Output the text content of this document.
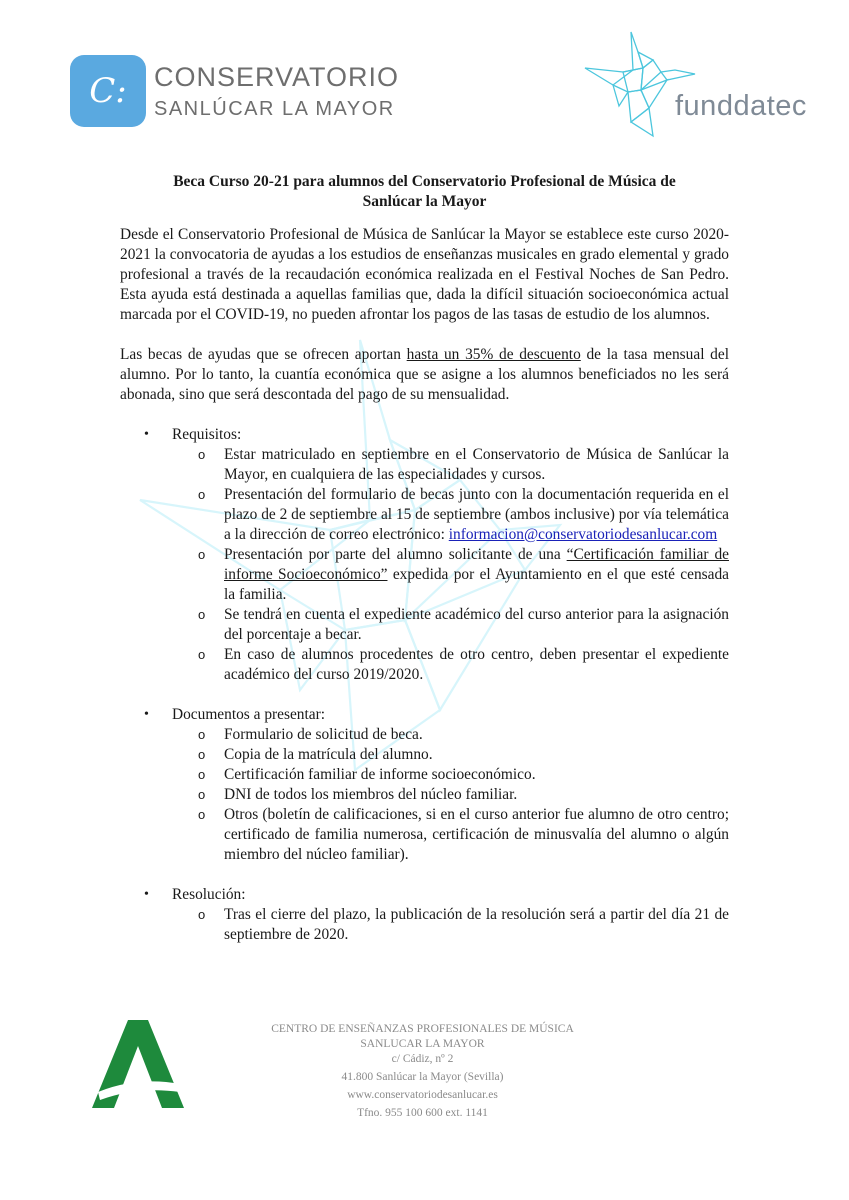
C: CONSERVATORIO
SANLÚCAR LA MAYOR	funddatec
Beca Curso 20-21 para alumnos del Conservatorio Profesional de Música de
Sanlúcar la Mayor

Desde el Conservatorio Profesional de Música de Sanlúcar la Mayor se establece este curso 2020-2021 la convocatoria de ayudas a los estudios de enseñanzas musicales en grado elemental y grado profesional a través de la recaudación económica realizada en el Festival Noches de San Pedro. Esta ayuda está destinada a aquellas familias que, dada la difícil situación socioeconómica actual marcada por el COVID-19, no pueden afrontar los pagos de las tasas de estudio de los alumnos.

Las becas de ayudas que se ofrecen aportan hasta un 35% de descuento de la tasa mensual del alumno. Por lo tanto, la cuantía económica que se asigne a los alumnos beneficiados no les será abonada, sino que será descontada del pago de su mensualidad.

• Requisitos:
o Estar matriculado en septiembre en el Conservatorio de Música de Sanlúcar la Mayor, en cualquiera de las especialidades y cursos.
o Presentación del formulario de becas junto con la documentación requerida en el plazo de 2 de septiembre al 15 de septiembre (ambos inclusive) por vía telemática a la dirección de correo electrónico: informacion@conservatoriodesanlucar.com
o Presentación por parte del alumno solicitante de una “Certificación familiar de informe Socioeconómico” expedida por el Ayuntamiento en el que esté censada la familia.
o Se tendrá en cuenta el expediente académico del curso anterior para la asignación del porcentaje a becar.
o En caso de alumnos procedentes de otro centro, deben presentar el expediente académico del curso 2019/2020.
• Documentos a presentar:
o Formulario de solicitud de beca.
o Copia de la matrícula del alumno.
o Certificación familiar de informe socioeconómico.
o DNI de todos los miembros del núcleo familiar.
o Otros (boletín de calificaciones, si en el curso anterior fue alumno de otro centro; certificado de familia numerosa, certificación de minusvalía del alumno o algún miembro del núcleo familiar).
• Resolución:
o Tras el cierre del plazo, la publicación de la resolución será a partir del día 21 de septiembre de 2020.
CENTRO DE ENSEÑANZAS PROFESIONALES DE MÚSICA
SANLUCAR LA MAYOR
c/ Cádiz, nº 2
41.800 Sanlúcar la Mayor (Sevilla)
www.conservatoriodesanlucar.es
Tfno. 955 100 600 ext. 1141
